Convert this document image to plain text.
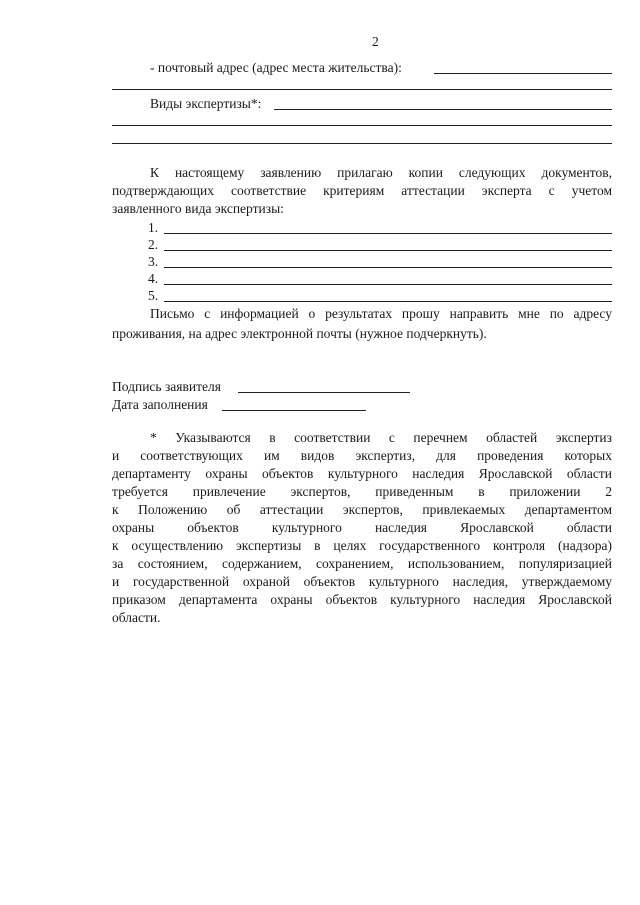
2
- почтовый адрес (адрес места жительства):
Виды экспертизы*:
К настоящему заявлению прилагаю копии следующих документов,
подтверждающих соответствие критериям аттестации эксперта с учетом
заявленного вида экспертизы:
1.
2.
3.
4.
5.
Письмо с информацией о результатах прошу направить мне по адресу
проживания, на адрес электронной почты (нужное подчеркнуть).
Подпись заявителя
Дата заполнения
* Указываются в соответствии с перечнем областей экспертиз
и соответствующих им видов экспертиз, для проведения которых
департаменту охраны объектов культурного наследия Ярославской области
требуется привлечение экспертов, приведенным в приложении 2
к Положению об аттестации экспертов, привлекаемых департаментом
охраны объектов культурного наследия Ярославской области
к осуществлению экспертизы в целях государственного контроля (надзора)
за состоянием, содержанием, сохранением, использованием, популяризацией
и государственной охраной объектов культурного наследия, утверждаемому
приказом департамента охраны объектов культурного наследия Ярославской
области.
